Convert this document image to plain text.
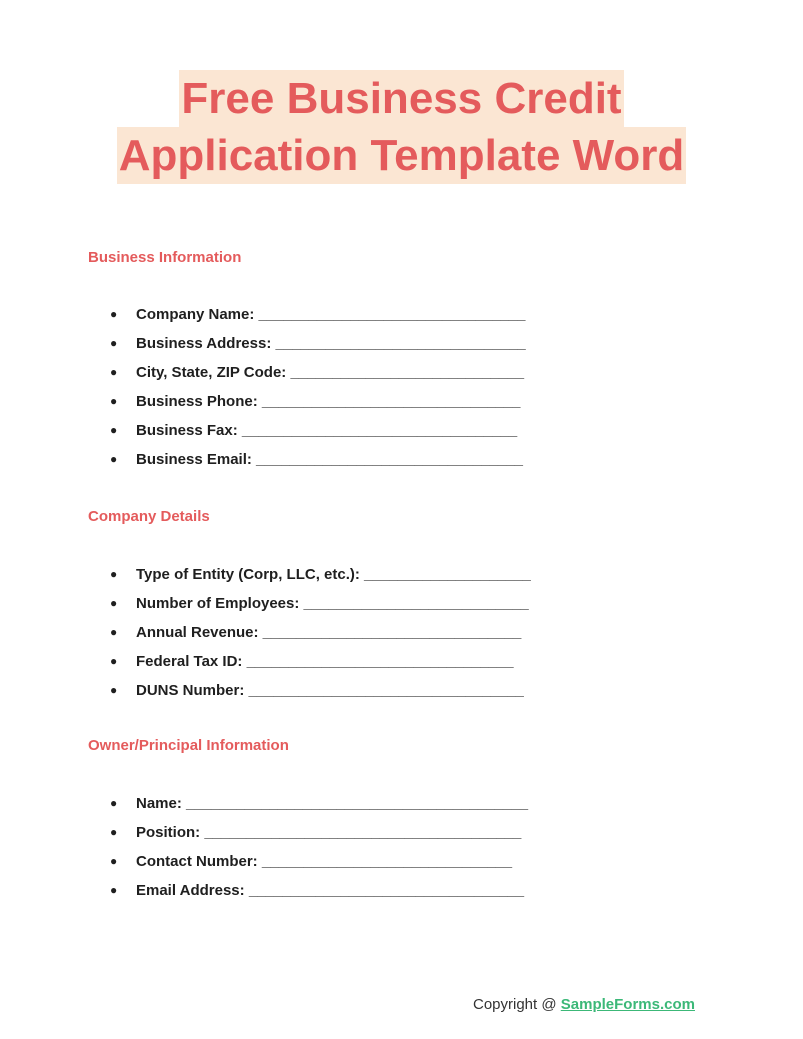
Free Business Credit
Application Template Word
Business Information
● Company Name: ________________________________
● Business Address: ______________________________
● City, State, ZIP Code: ____________________________
● Business Phone: _______________________________
● Business Fax: _________________________________
● Business Email: ________________________________
Company Details
● Type of Entity (Corp, LLC, etc.): ____________________
● Number of Employees: ___________________________
● Annual Revenue: _______________________________
● Federal Tax ID: ________________________________
● DUNS Number: _________________________________
Owner/Principal Information
● Name: _________________________________________
● Position: ______________________________________
● Contact Number: ______________________________
● Email Address: _________________________________
Copyright @ SampleForms.com
